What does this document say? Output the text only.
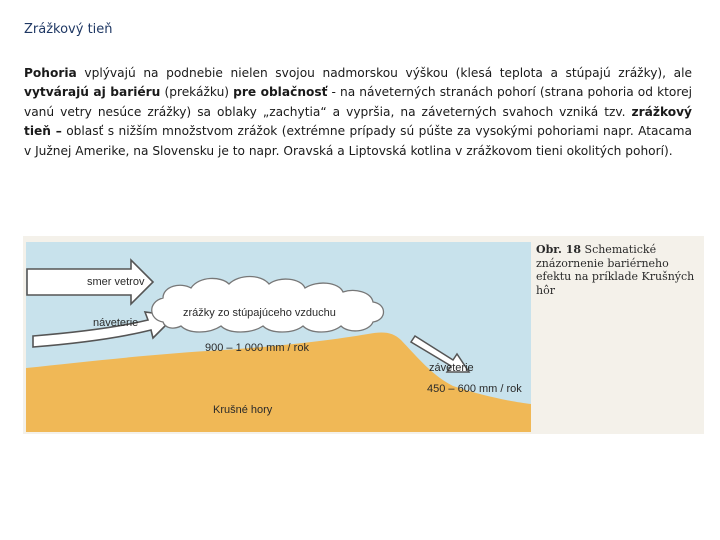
Zrážkový tieň
Pohoria vplývajú na podnebie nielen svojou nadmorskou výškou (klesá teplota a stúpajú zrážky), ale vytvárajú aj bariéru (prekážku) pre oblačnosť - na náveterných stranách pohorí (strana pohoria od ktorej vanú vetry nesúce zrážky) sa oblaky „zachytia“ a vypršia, na záveterných svahoch vzniká tzv. zrážkový tieň – oblasť s nižším množstvom zrážok (extrémne prípady sú púšte za vysokými pohoriami napr. Atacama v Južnej Amerike, na Slovensku je to napr. Oravská a Liptovská kotlina v zrážkovom tieni okolitých pohorí).
smer vetrov
náveterie
zrážky zo stúpajúceho vzduchu
900 – 1 000 mm / rok
záveterie
450 – 600 mm / rok
Krušné hory
Obr. 18 Schematické znázornenie bariérneho efektu na príklade Krušných hôr
